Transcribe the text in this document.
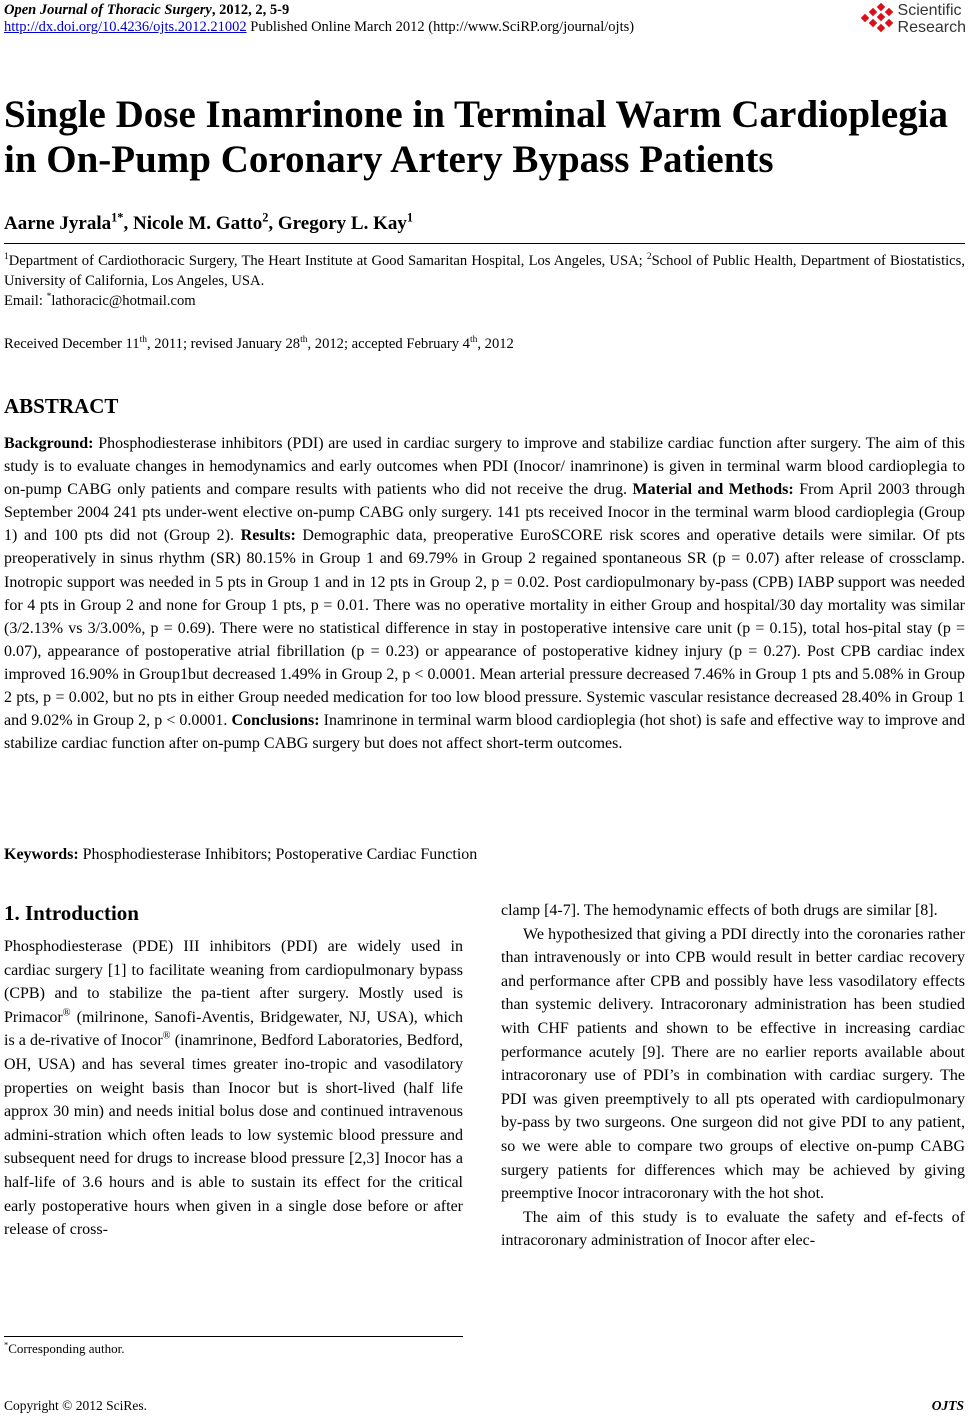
Open Journal of Thoracic Surgery, 2012, 2, 5-9
http://dx.doi.org/10.4236/ojts.2012.21002 Published Online March 2012 (http://www.SciRP.org/journal/ojts)
Scientific
Research
Single Dose Inamrinone in Terminal Warm Cardioplegia in On-Pump Coronary Artery Bypass Patients
Aarne Jyrala$^{1*}$, Nicole M. Gatto$^2$, Gregory L. Kay$^1$
$^1$Department of Cardiothoracic Surgery, The Heart Institute at Good Samaritan Hospital, Los Angeles, USA; $^2$School of Public Health, Department of Biostatistics, University of California, Los Angeles, USA.
Email: *lathoracic@hotmail.com
Received December 11th, 2011; revised January 28th, 2012; accepted February 4th, 2012
ABSTRACT
Background: Phosphodiesterase inhibitors (PDI) are used in cardiac surgery to improve and stabilize cardiac function after surgery. The aim of this study is to evaluate changes in hemodynamics and early outcomes when PDI (Inocor/ inamrinone) is given in terminal warm blood cardioplegia to on-pump CABG only patients and compare results with patients who did not receive the drug. Material and Methods: From April 2003 through September 2004 241 pts under-went elective on-pump CABG only surgery. 141 pts received Inocor in the terminal warm blood cardioplegia (Group 1) and 100 pts did not (Group 2). Results: Demographic data, preoperative EuroSCORE risk scores and operative details were similar. Of pts preoperatively in sinus rhythm (SR) 80.15% in Group 1 and 69.79% in Group 2 regained spontaneous SR (p = 0.07) after release of crossclamp. Inotropic support was needed in 5 pts in Group 1 and in 12 pts in Group 2, p = 0.02. Post cardiopulmonary by-pass (CPB) IABP support was needed for 4 pts in Group 2 and none for Group 1 pts, p = 0.01. There was no operative mortality in either Group and hospital/30 day mortality was similar (3/2.13% vs 3/3.00%, p = 0.69). There were no statistical difference in stay in postoperative intensive care unit (p = 0.15), total hos-pital stay (p = 0.07), appearance of postoperative atrial fibrillation (p = 0.23) or appearance of postoperative kidney injury (p = 0.27). Post CPB cardiac index improved 16.90% in Group1but decreased 1.49% in Group 2, p < 0.0001. Mean arterial pressure decreased 7.46% in Group 1 pts and 5.08% in Group 2 pts, p = 0.002, but no pts in either Group needed medication for too low blood pressure. Systemic vascular resistance decreased 28.40% in Group 1 and 9.02% in Group 2, p < 0.0001. Conclusions: Inamrinone in terminal warm blood cardioplegia (hot shot) is safe and effective way to improve and stabilize cardiac function after on-pump CABG surgery but does not affect short-term outcomes.
Keywords: Phosphodiesterase Inhibitors; Postoperative Cardiac Function

1. Introduction

Phosphodiesterase (PDE) III inhibitors (PDI) are widely used in cardiac surgery [1] to facilitate weaning from cardiopulmonary bypass (CPB) and to stabilize the pa-tient after surgery. Mostly used is Primacor® (milrinone, Sanofi-Aventis, Bridgewater, NJ, USA), which is a de-rivative of Inocor® (inamrinone, Bedford Laboratories, Bedford, OH, USA) and has several times greater ino-tropic and vasodilatory properties on weight basis than Inocor but is short-lived (half life approx 30 min) and needs initial bolus dose and continued intravenous admini-stration which often leads to low systemic blood pressure and subsequent need for drugs to increase blood pressure [2,3] Inocor has a half-life of 3.6 hours and is able to sustain its effect for the critical early postoperative hours when given in a single dose before or after release of cross-

clamp [4-7]. The hemodynamic effects of both drugs are similar [8].

We hypothesized that giving a PDI directly into the coronaries rather than intravenously or into CPB would result in better cardiac recovery and performance after CPB and possibly have less vasodilatory effects than systemic delivery. Intracoronary administration has been studied with CHF patients and shown to be effective in increasing cardiac performance acutely [9]. There are no earlier reports available about intracoronary use of PDI’s in combination with cardiac surgery. The PDI was given preemptively to all pts operated with cardiopulmonary by-pass by two surgeons. One surgeon did not give PDI to any patient, so we were able to compare two groups of elective on-pump CABG surgery patients for differences which may be achieved by giving preemptive Inocor intracoronary with the hot shot.

The aim of this study is to evaluate the safety and ef-fects of intracoronary administration of Inocor after elec-

*Corresponding author.
Copyright © 2012 SciRes.	OJTS
